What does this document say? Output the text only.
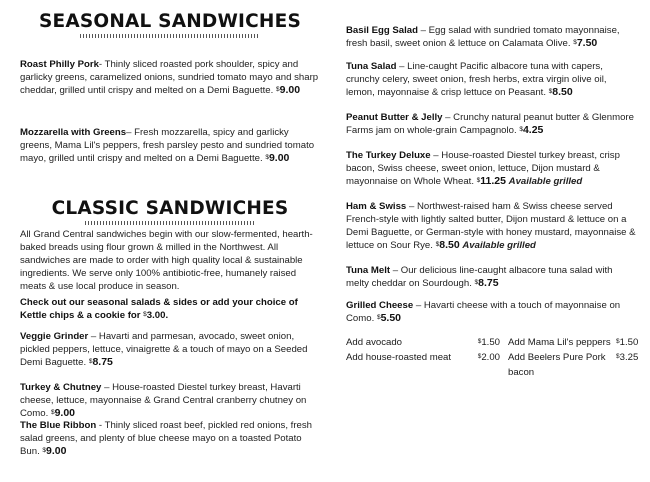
SEASONAL SANDWICHES

Roast Philly Pork- Thinly sliced roasted pork shoulder, spicy and garlicky greens, caramelized onions, sundried tomato mayo and sharp cheddar, grilled until crispy and melted on a Demi Baguette. $9.00

Mozzarella with Greens– Fresh mozzarella, spicy and garlicky greens, Mama Lil's peppers, fresh parsley pesto and sundried tomato mayo, grilled until crispy and melted on a Demi Baguette. $9.00

CLASSIC SANDWICHES

All Grand Central sandwiches begin with our slow-fermented, hearth-baked breads using flour grown & milled in the Northwest. All sandwiches are made to order with high quality local & sustainable ingredients. We serve only 100% antibiotic-free, humanely raised meats & use local produce in season.

Check out our seasonal salads & sides or add your choice of Kettle chips & a cookie for $3.00.

Veggie Grinder – Havarti and parmesan, avocado, sweet onion, pickled peppers, lettuce, vinaigrette & a touch of mayo on a Seeded Demi Baguette. $8.75

Turkey & Chutney – House-roasted Diestel turkey breast, Havarti cheese, lettuce, mayonnaise & Grand Central cranberry chutney on Como. $9.00

The Blue Ribbon - Thinly sliced roast beef, pickled red onions, fresh salad greens, and plenty of blue cheese mayo on a toasted Potato Bun. $9.00

Basil Egg Salad – Egg salad with sundried tomato mayonnaise, fresh basil, sweet onion & lettuce on Calamata Olive. $7.50

Tuna Salad – Line-caught Pacific albacore tuna with capers, crunchy celery, sweet onion, fresh herbs, extra virgin olive oil, lemon, mayonnaise & crisp lettuce on Peasant. $8.50

Peanut Butter & Jelly – Crunchy natural peanut butter & Glenmore Farms jam on whole-grain Campagnolo. $4.25

The Turkey Deluxe – House-roasted Diestel turkey breast, crisp bacon, Swiss cheese, sweet onion, lettuce, Dijon mustard & mayonnaise on Whole Wheat. $11.25 Available grilled

Ham & Swiss – Northwest-raised ham & Swiss cheese served French-style with lightly salted butter, Dijon mustard & lettuce on a Demi Baguette, or German-style with honey mustard, mayonnaise & lettuce on Sour Rye. $8.50 Available grilled

Tuna Melt – Our delicious line-caught albacore tuna salad with melty cheddar on Sourdough. $8.75

Grilled Cheese – Havarti cheese with a touch of mayonnaise on Como. $5.50

Add avocado	$1.50 Add Mama Lil's peppers $1.50
Add house-roasted meat	$2.00 Add Beelers Pure Pork bacon
$3.25
